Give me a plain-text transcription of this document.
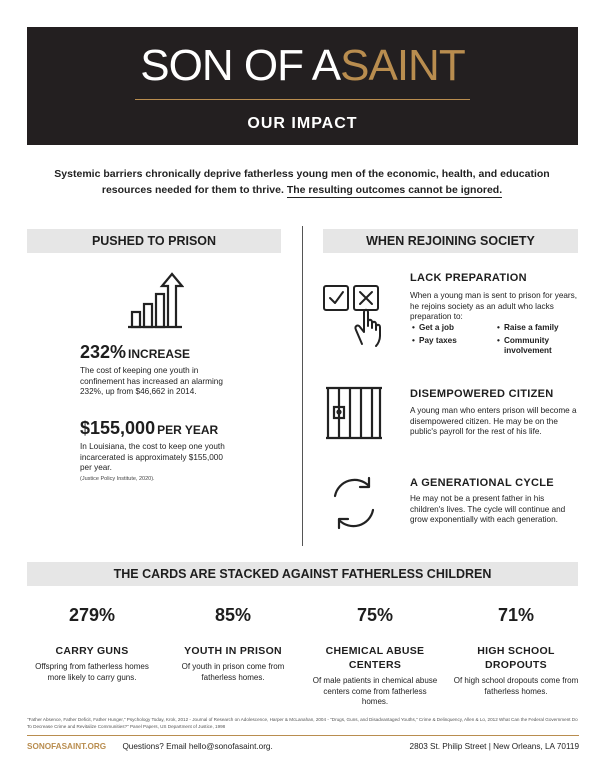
SON OF ASAINT
OUR IMPACT
Systemic barriers chronically deprive fatherless young men of the economic, health, and education resources needed for them to thrive. The resulting outcomes cannot be ignored.
PUSHED TO PRISON	WHEN REJOINING SOCIETY
232% INCREASE
The cost of keeping one youth in confinement has increased an alarming 232%, up from $46,662 in 2014.
$155,000 PER YEAR
In Louisiana, the cost to keep one youth incarcerated is approximately $155,000 per year.
(Justice Policy Institute, 2020).
LACK PREPARATION
When a young man is sent to prison for years, he rejoins society as an adult who lacks preparation to:
• Get a job	• Raise a family
• Pay taxes	• Community involvement
DISEMPOWERED CITIZEN
A young man who enters prison will become a disempowered citizen. He may be on the public's payroll for the rest of his life.
A GENERATIONAL CYCLE
He may not be a present father in his children's lives. The cycle will continue and grow exponentially with each generation.
THE CARDS ARE STACKED AGAINST FATHERLESS CHILDREN
279%
CARRY GUNS
Offspring from fatherless homes more likely to carry guns.
85%
YOUTH IN PRISON
Of youth in prison come from fatherless homes.
75%
CHEMICAL ABUSE CENTERS
Of male patients in chemical abuse centers come from fatherless homes.
71%
HIGH SCHOOL DROPOUTS
Of high school dropouts come from fatherless homes.
"Father Absence, Father Deficit, Father Hunger," Psychology Today, Krok, 2012 - Journal of Research on Adolescence, Harper & McLanahan, 2004 - "Drugs, Guns, and Disadvantaged Youths," Crime & Delinquency, Allen & Lo, 2012 What Can the Federal Government Do To Decrease Crime and Revitalize Communities?" Panel Papers, US Department of Justice, 1998
SONOFASAINT.ORG Questions? Email hello@sonofasaint.org.	2803 St. Philip Street | New Orleans, LA 70119
